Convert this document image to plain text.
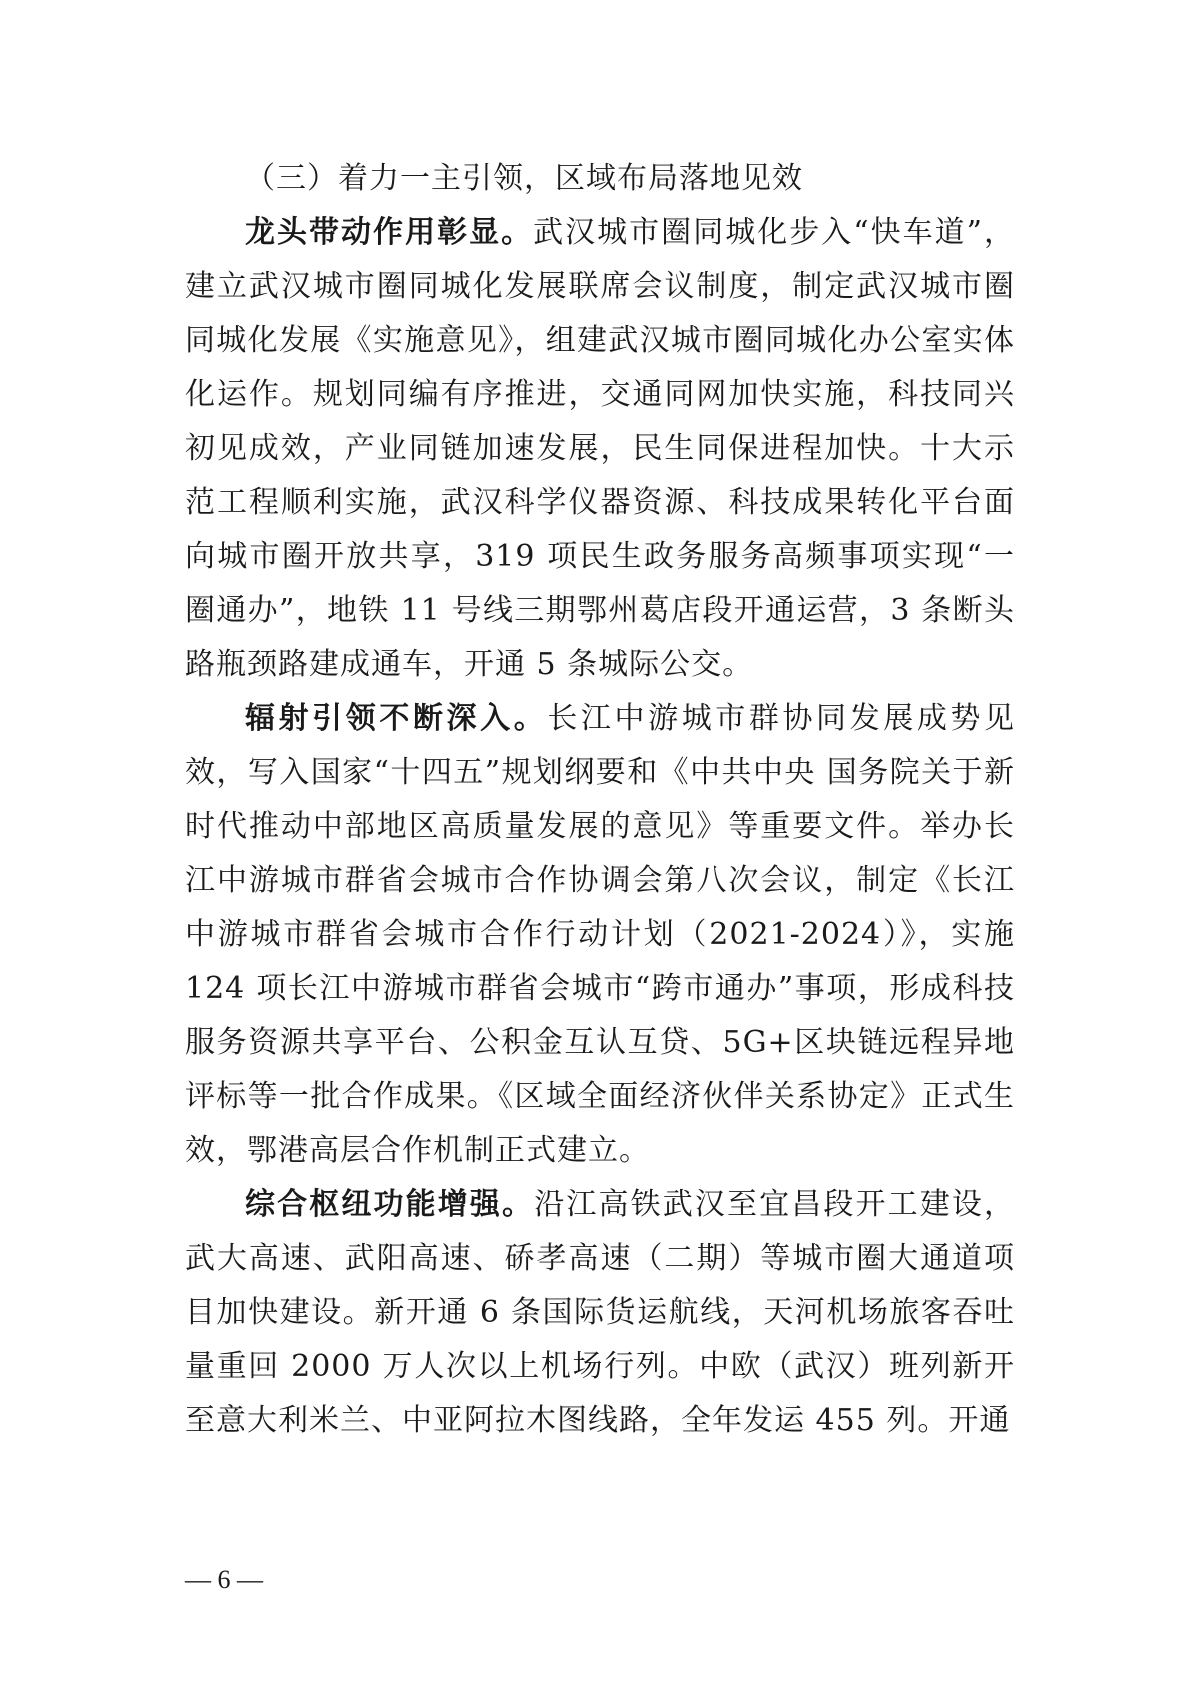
（三）着力一主引领，区域布局落地见效

龙头带动作用彰显。武汉城市圈同城化步入“快车道”，建立武汉城市圈同城化发展联席会议制度，制定武汉城市圈同城化发展《实施意见》，组建武汉城市圈同城化办公室实体化运作。规划同编有序推进，交通同网加快实施，科技同兴初见成效，产业同链加速发展，民生同保进程加快。十大示范工程顺利实施，武汉科学仪器资源、科技成果转化平台面向城市圈开放共享，319 项民生政务服务高频事项实现“一圈通办”，地铁 11 号线三期鄂州葛店段开通运营，3 条断头路瓶颈路建成通车，开通 5 条城际公交。

辐射引领不断深入。长江中游城市群协同发展成势见效，写入国家“十四五”规划纲要和《中共中央 国务院关于新时代推动中部地区高质量发展的意见》等重要文件。举办长江中游城市群省会城市合作协调会第八次会议，制定《长江中游城市群省会城市合作行动计划（2021-2024）》，实施 124 项长江中游城市群省会城市“跨市通办”事项，形成科技服务资源共享平台、公积金互认互贷、5G+区块链远程异地评标等一批合作成果。《区域全面经济伙伴关系协定》正式生效，鄂港高层合作机制正式建立。

综合枢纽功能增强。沿江高铁武汉至宜昌段开工建设，武大高速、武阳高速、硚孝高速（二期）等城市圈大通道项目加快建设。新开通 6 条国际货运航线，天河机场旅客吞吐量重回 2000 万人次以上机场行列。中欧（武汉）班列新开至意大利米兰、中亚阿拉木图线路，全年发运 455 列。开通

— 6 —
